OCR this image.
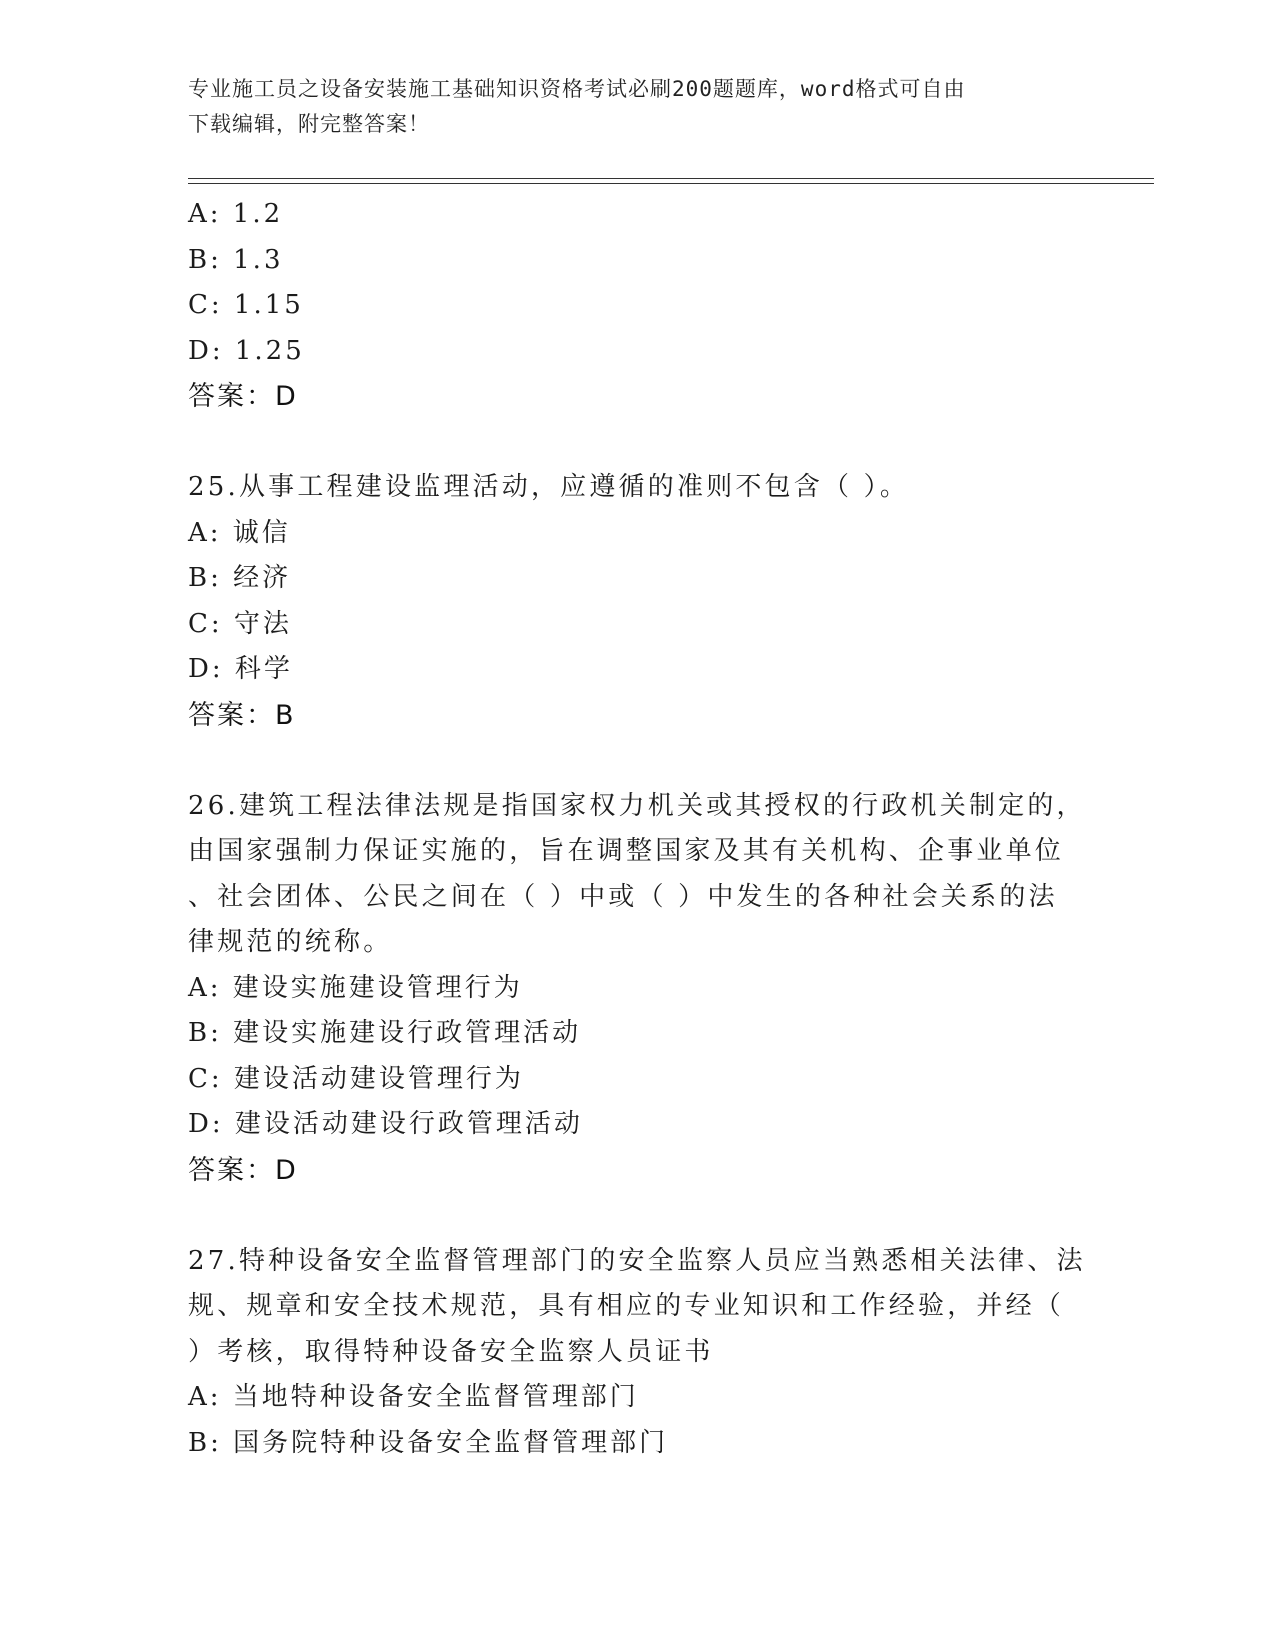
专业施工员之设备安装施工基础知识资格考试必刷200题题库，word格式可自由
下载编辑，附完整答案！
A: 1.2
B: 1.3
C: 1.15
D: 1.25
答案：D
25.从事工程建设监理活动，应遵循的准则不包含（ ）。
A: 诚信
B: 经济
C: 守法
D: 科学
答案：B
26.建筑工程法律法规是指国家权力机关或其授权的行政机关制定的，
由国家强制力保证实施的，旨在调整国家及其有关机构、企事业单位
、社会团体、公民之间在（ ）中或（ ）中发生的各种社会关系的法
律规范的统称。
A: 建设实施建设管理行为
B: 建设实施建设行政管理活动
C: 建设活动建设管理行为
D: 建设活动建设行政管理活动
答案：D
27.特种设备安全监督管理部门的安全监察人员应当熟悉相关法律、法
规、规章和安全技术规范，具有相应的专业知识和工作经验，并经（
）考核，取得特种设备安全监察人员证书
A: 当地特种设备安全监督管理部门
B: 国务院特种设备安全监督管理部门
